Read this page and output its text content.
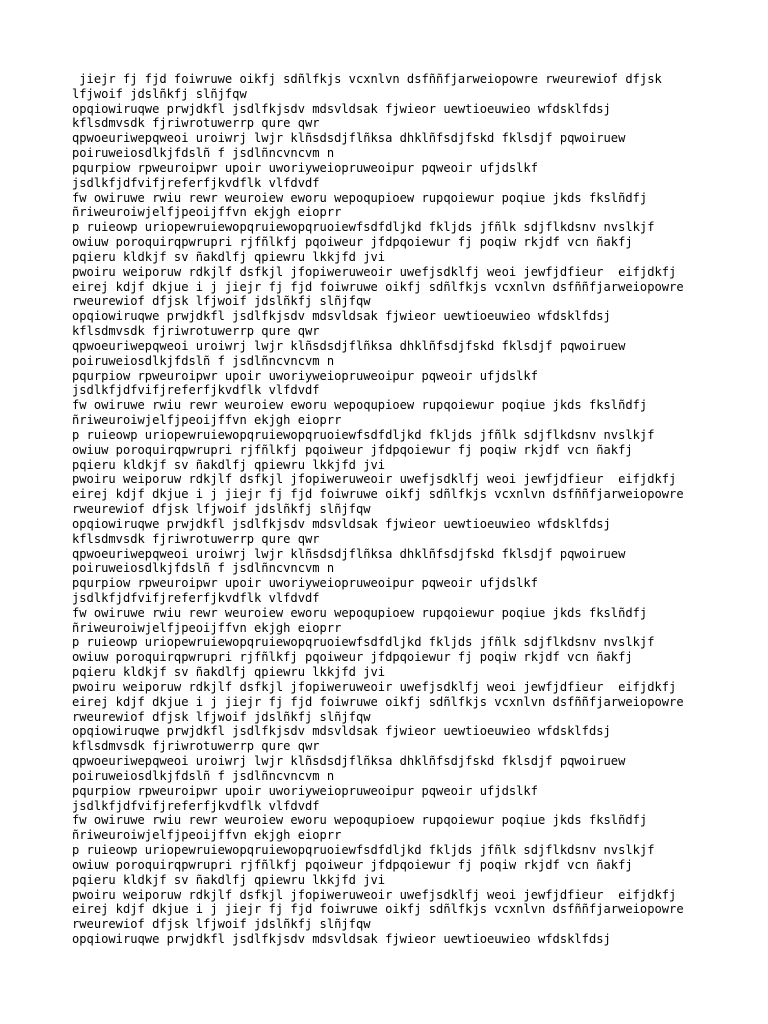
jiejr fj fjd foiwruwe oikfj sdñlfkjs vcxnlvn dsfññfjarweiopowre rweurewiof dfjsk
lfjwoif jdslñkfj slñjfqw
opqiowiruqwe prwjdkfl jsdlfkjsdv mdsvldsak fjwieor uewtioeuwieo wfdsklfdsj
kflsdmvsdk fjriwrotuwerrp qure qwr
qpwoeuriwepqweoi uroiwrj lwjr klñsdsdjflñksa dhklñfsdjfskd fklsdjf pqwoiruew
poiruweiosdlkjfdslñ f jsdlñncvncvm n
pqurpiow rpweuroipwr upoir uworiyweiopruweoipur pqweoir ufjdslkf
jsdlkfjdfvifjreferfjkvdflk vlfdvdf
fw owiruwe rwiu rewr weuroiew eworu wepoqupioew rupqoiewur poqiue jkds fkslñdfj
ñriweuroiwjelfjpeoijffvn ekjgh eioprr
p ruieowp uriopewruiewopqruiewopqruoiewfsdfdljkd fkljds jfñlk sdjflkdsnv nvslkjf
owiuw poroquirqpwrupri rjfñlkfj pqoiweur jfdpqoiewur fj poqiw rkjdf vcn ñakfj
pqieru kldkjf sv ñakdlfj qpiewru lkkjfd jvi
pwoiru weiporuw rdkjlf dsfkjl jfopiweruweoir uwefjsdklfj weoi jewfjdfieur  eifjdkfj
eirej kdjf dkjue i j jiejr fj fjd foiwruwe oikfj sdñlfkjs vcxnlvn dsfññfjarweiopowre
rweurewiof dfjsk lfjwoif jdslñkfj slñjfqw
opqiowiruqwe prwjdkfl jsdlfkjsdv mdsvldsak fjwieor uewtioeuwieo wfdsklfdsj
kflsdmvsdk fjriwrotuwerrp qure qwr
qpwoeuriwepqweoi uroiwrj lwjr klñsdsdjflñksa dhklñfsdjfskd fklsdjf pqwoiruew
poiruweiosdlkjfdslñ f jsdlñncvncvm n
pqurpiow rpweuroipwr upoir uworiyweiopruweoipur pqweoir ufjdslkf
jsdlkfjdfvifjreferfjkvdflk vlfdvdf
fw owiruwe rwiu rewr weuroiew eworu wepoqupioew rupqoiewur poqiue jkds fkslñdfj
ñriweuroiwjelfjpeoijffvn ekjgh eioprr
p ruieowp uriopewruiewopqruiewopqruoiewfsdfdljkd fkljds jfñlk sdjflkdsnv nvslkjf
owiuw poroquirqpwrupri rjfñlkfj pqoiweur jfdpqoiewur fj poqiw rkjdf vcn ñakfj
pqieru kldkjf sv ñakdlfj qpiewru lkkjfd jvi
pwoiru weiporuw rdkjlf dsfkjl jfopiweruweoir uwefjsdklfj weoi jewfjdfieur  eifjdkfj
eirej kdjf dkjue i j jiejr fj fjd foiwruwe oikfj sdñlfkjs vcxnlvn dsfññfjarweiopowre
rweurewiof dfjsk lfjwoif jdslñkfj slñjfqw
opqiowiruqwe prwjdkfl jsdlfkjsdv mdsvldsak fjwieor uewtioeuwieo wfdsklfdsj
kflsdmvsdk fjriwrotuwerrp qure qwr
qpwoeuriwepqweoi uroiwrj lwjr klñsdsdjflñksa dhklñfsdjfskd fklsdjf pqwoiruew
poiruweiosdlkjfdslñ f jsdlñncvncvm n
pqurpiow rpweuroipwr upoir uworiyweiopruweoipur pqweoir ufjdslkf
jsdlkfjdfvifjreferfjkvdflk vlfdvdf
fw owiruwe rwiu rewr weuroiew eworu wepoqupioew rupqoiewur poqiue jkds fkslñdfj
ñriweuroiwjelfjpeoijffvn ekjgh eioprr
p ruieowp uriopewruiewopqruiewopqruoiewfsdfdljkd fkljds jfñlk sdjflkdsnv nvslkjf
owiuw poroquirqpwrupri rjfñlkfj pqoiweur jfdpqoiewur fj poqiw rkjdf vcn ñakfj
pqieru kldkjf sv ñakdlfj qpiewru lkkjfd jvi
pwoiru weiporuw rdkjlf dsfkjl jfopiweruweoir uwefjsdklfj weoi jewfjdfieur  eifjdkfj
eirej kdjf dkjue i j jiejr fj fjd foiwruwe oikfj sdñlfkjs vcxnlvn dsfññfjarweiopowre
rweurewiof dfjsk lfjwoif jdslñkfj slñjfqw
opqiowiruqwe prwjdkfl jsdlfkjsdv mdsvldsak fjwieor uewtioeuwieo wfdsklfdsj
kflsdmvsdk fjriwrotuwerrp qure qwr
qpwoeuriwepqweoi uroiwrj lwjr klñsdsdjflñksa dhklñfsdjfskd fklsdjf pqwoiruew
poiruweiosdlkjfdslñ f jsdlñncvncvm n
pqurpiow rpweuroipwr upoir uworiyweiopruweoipur pqweoir ufjdslkf
jsdlkfjdfvifjreferfjkvdflk vlfdvdf
fw owiruwe rwiu rewr weuroiew eworu wepoqupioew rupqoiewur poqiue jkds fkslñdfj
ñriweuroiwjelfjpeoijffvn ekjgh eioprr
p ruieowp uriopewruiewopqruiewopqruoiewfsdfdljkd fkljds jfñlk sdjflkdsnv nvslkjf
owiuw poroquirqpwrupri rjfñlkfj pqoiweur jfdpqoiewur fj poqiw rkjdf vcn ñakfj
pqieru kldkjf sv ñakdlfj qpiewru lkkjfd jvi
pwoiru weiporuw rdkjlf dsfkjl jfopiweruweoir uwefjsdklfj weoi jewfjdfieur  eifjdkfj
eirej kdjf dkjue i j jiejr fj fjd foiwruwe oikfj sdñlfkjs vcxnlvn dsfññfjarweiopowre
rweurewiof dfjsk lfjwoif jdslñkfj slñjfqw
opqiowiruqwe prwjdkfl jsdlfkjsdv mdsvldsak fjwieor uewtioeuwieo wfdsklfdsj
